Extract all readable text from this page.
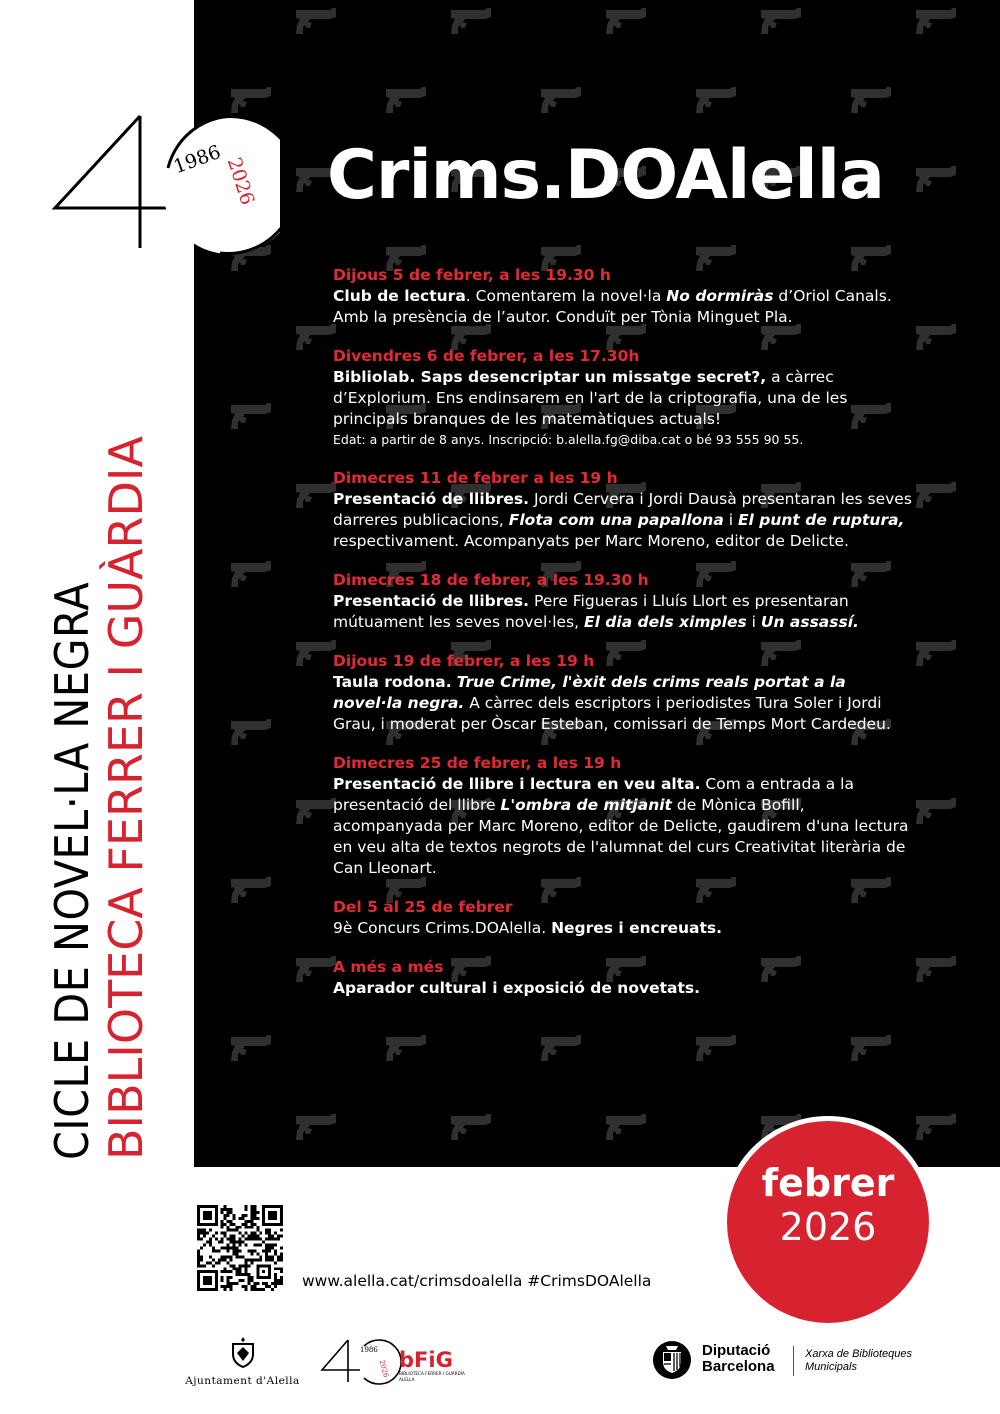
1986 2026
CICLE DE NOVEL·LA NEGRA BIBLIOTECA FERRER I GUÀRDIA
Crims.DOAlella
Dijous 5 de febrer, a les 19.30 h
Club de lectura. Comentarem la novel·la No dormiràs d’Oriol Canals.
Amb la presència de l’autor. Conduït per Tònia Minguet Pla.
Divendres 6 de febrer, a les 17.30h
Bibliolab. Saps desencriptar un missatge secret?, a càrrec d’Explorium. Ens endinsarem en l'art de la criptografia, una de les principals branques de les matemàtiques actuals!
Edat: a partir de 8 anys. Inscripció: b.alella.fg@diba.cat o bé 93 555 90 55.
Dimecres 11 de febrer a les 19 h
Presentació de llibres. Jordi Cervera i Jordi Dausà presentaran les seves darreres publicacions, Flota com una papallona i El punt de ruptura, respectivament. Acompanyats per Marc Moreno, editor de Delicte.
Dimecres 18 de febrer, a les 19.30 h
Presentació de llibres. Pere Figueras i Lluís Llort es presentaran mútuament les seves novel·les, El dia dels ximples i Un assassí.
Dijous 19 de febrer, a les 19 h
Taula rodona. True Crime, l'èxit dels crims reals portat a la novel·la negra. A càrrec dels escriptors i periodistes Tura Soler i Jordi Grau, i moderat per Òscar Esteban, comissari de Temps Mort Cardedeu.
Dimecres 25 de febrer, a les 19 h
Presentació de llibre i lectura en veu alta. Com a entrada a la presentació del llibre L'ombra de mitjanit de Mònica Bofill, acompanyada per Marc Moreno, editor de Delicte, gaudirem d'una lectura en veu alta de textos negrots de l'alumnat del curs Creativitat literària de Can Lleonart.
Del 5 al 25 de febrer
9è Concurs Crims.DOAlella. Negres i encreuats.
A més a més
Aparador cultural i exposició de novetats.
febrer
2026
www.alella.cat/crimsdoalella #CrimsDOAlella
Ajuntament d'Alella
1986
2026 bFiG
BIBLIOTECA FERRER I GUÀRDIA
ALELLA
Diputació
Barcelona
Xarxa de Biblioteques
Municipals
